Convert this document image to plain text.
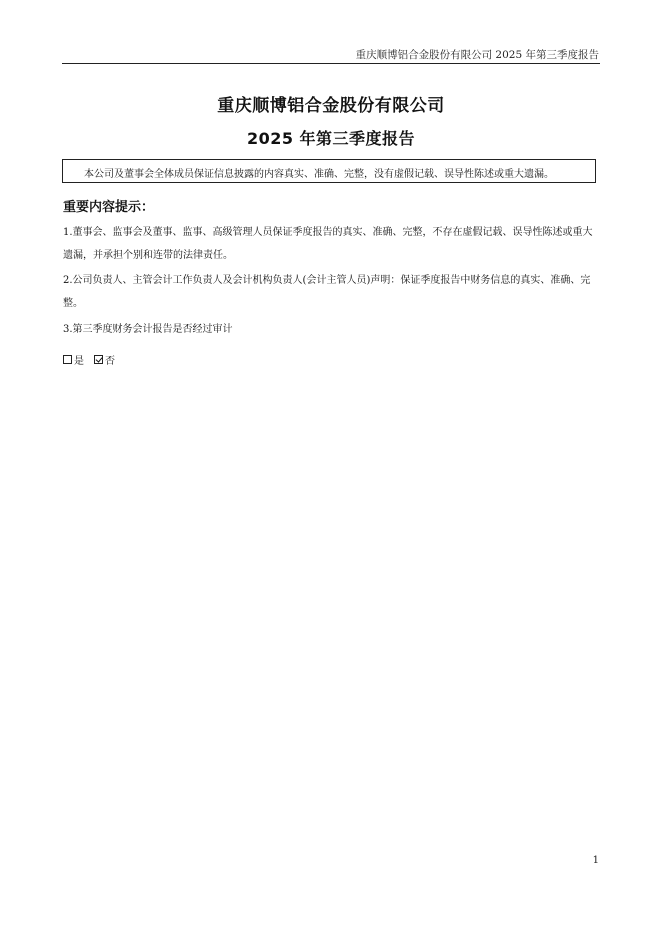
重庆顺博铝合金股份有限公司 2025 年第三季度报告
重庆顺博铝合金股份有限公司
2025 年第三季度报告
本公司及董事会全体成员保证信息披露的内容真实、准确、完整，没有虚假记载、误导性陈述或重大遗漏。
重要内容提示：

1.董事会、监事会及董事、监事、高级管理人员保证季度报告的真实、准确、完整，不存在虚假记载、误导性陈述或重大遗漏，并承担个别和连带的法律责任。

2.公司负责人、主管会计工作负责人及会计机构负责人(会计主管人员)声明：保证季度报告中财务信息的真实、准确、完整。

3.第三季度财务会计报告是否经过审计

是 否
1
